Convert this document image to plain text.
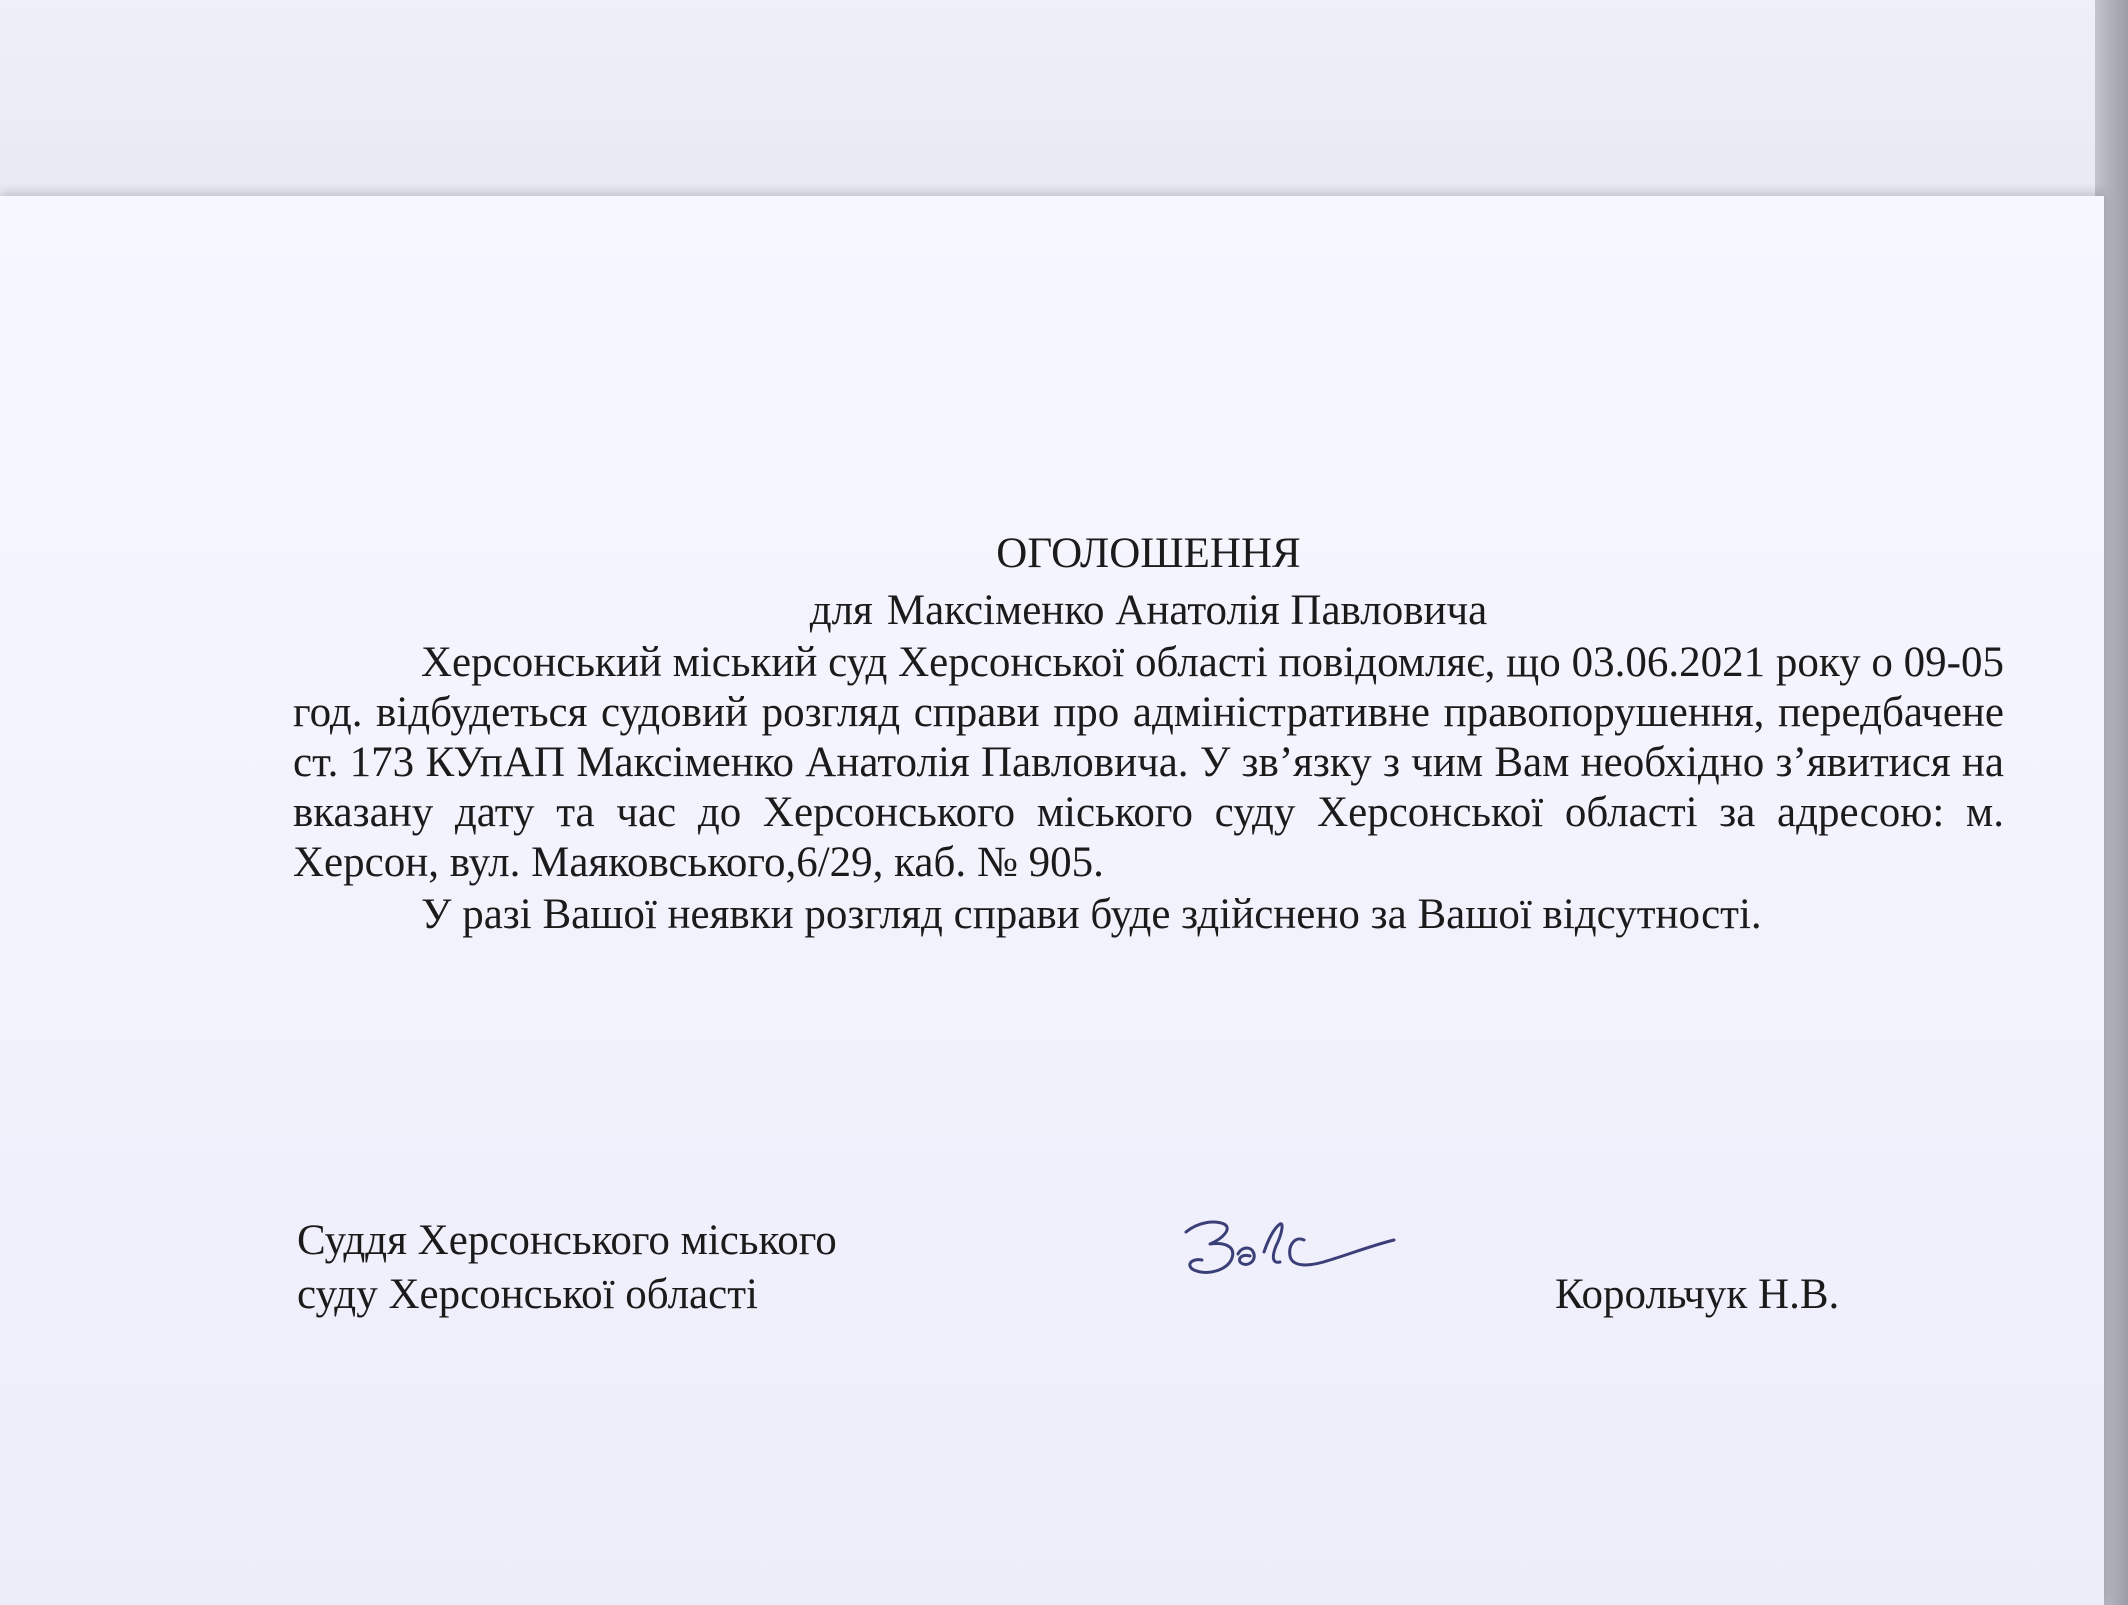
ОГОЛОШЕННЯ

для Максіменко Анатолія Павловича

Херсонський міський суд Херсонської області повідомляє, що 03.06.2021 року о 09-05 год. відбудеться судовий розгляд справи про адміністративне правопорушення, передбачене ст. 173 КУпАП Максіменко Анатолія Павловича. У зв’язку з чим Вам необхідно з’явитися на вказану дату та час до Херсонського міського суду Херсонської області за адресою: м. Херсон, вул. Маяковського,6/29, каб. № 905.

У разі Вашої неявки розгляд справи буде здійснено за Вашої відсутності.

Суддя Херсонського міського
суду Херсонської області	Корольчук Н.В.
